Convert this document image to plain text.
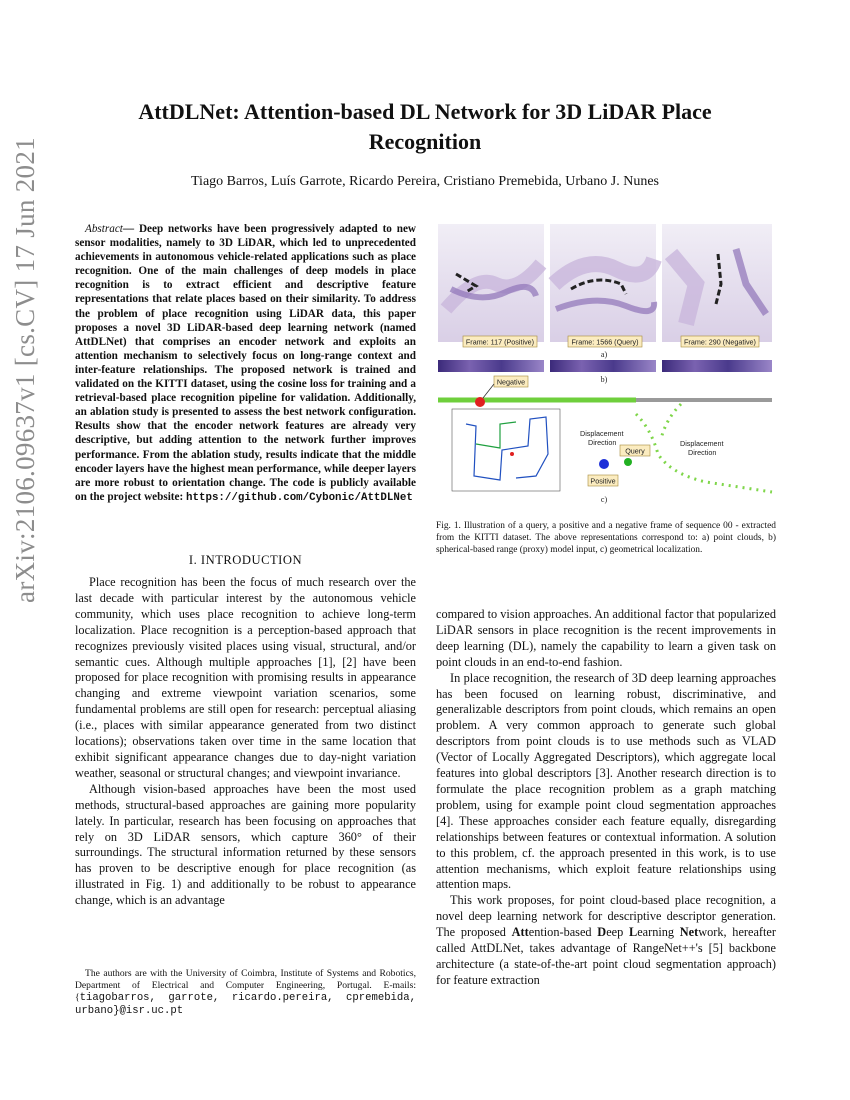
arXiv:2106.09637v1 [cs.CV] 17 Jun 2021
AttDLNet: Attention-based DL Network for 3D LiDAR Place Recognition
Tiago Barros, Luís Garrote, Ricardo Pereira, Cristiano Premebida, Urbano J. Nunes
Abstract— Deep networks have been progressively adapted to new sensor modalities, namely to 3D LiDAR, which led to unprecedented achievements in autonomous vehicle-related applications such as place recognition. One of the main challenges of deep models in place recognition is to extract efficient and descriptive feature representations that relate places based on their similarity. To address the problem of place recognition using LiDAR data, this paper proposes a novel 3D LiDAR-based deep learning network (named AttDLNet) that comprises an encoder network and exploits an attention mechanism to selectively focus on long-range context and inter-feature relationships. The proposed network is trained and validated on the KITTI dataset, using the cosine loss for training and a retrieval-based place recognition pipeline for validation. Additionally, an ablation study is presented to assess the best network configuration. Results show that the encoder network features are already very descriptive, but adding attention to the network further improves performance. From the ablation study, results indicate that the middle encoder layers have the highest mean performance, while deeper layers are more robust to orientation change. The code is publicly available on the project website: https://github.com/Cybonic/AttDLNet
I. INTRODUCTION

Place recognition has been the focus of much research over the last decade with particular interest by the autonomous vehicle community, which uses place recognition to achieve long-term localization. Place recognition is a perception-based approach that recognizes previously visited places using visual, structural, and/or semantic cues. Although multiple approaches [1], [2] have been proposed for place recognition with promising results in appearance changing and extreme viewpoint variation scenarios, some fundamental problems are still open for research: perceptual aliasing (i.e., places with similar appearance generated from two distinct locations); observations taken over time in the same location that exhibit significant appearance changes due to day-night variation weather, seasonal or structural changes; and viewpoint invariance.

Although vision-based approaches have been the most used methods, structural-based approaches are gaining more popularity lately. In particular, research has been focusing on approaches that rely on 3D LiDAR sensors, which capture 360° of their surroundings. The structural information returned by these sensors has proven to be descriptive enough for place recognition (as illustrated in Fig. 1) and additionally to be robust to appearance change, which is an advantage

The authors are with the University of Coimbra, Institute of Systems and Robotics, Department of Electrical and Computer Engineering, Portugal. E-mails:{tiagobarros, garrote, ricardo.pereira, cpremebida, urbano}@isr.uc.pt
Frame: 117 (Positive)	Frame: 1566 (Query)	Frame: 290 (Negative)
a)
b)
Negative
Displacement Direction	Displacement Direction
Query
Positive
c)
Fig. 1. Illustration of a query, a positive and a negative frame of sequence 00 - extracted from the KITTI dataset. The above representations correspond to: a) point clouds, b) spherical-based range (proxy) model input, c) geometrical localization.

compared to vision approaches. An additional factor that popularized LiDAR sensors in place recognition is the recent improvements in deep learning (DL), namely the capability to learn a given task on point clouds in an end-to-end fashion.

In place recognition, the research of 3D deep learning approaches has been focused on learning robust, discriminative, and generalizable descriptors from point clouds, which remains an open problem. A very common approach to generate such global descriptors from point clouds is to use methods such as VLAD (Vector of Locally Aggregated Descriptors), which aggregate local features into global descriptors [3]. Another research direction is to formulate the place recognition problem as a graph matching problem, using for example point cloud segmentation approaches [4]. These approaches consider each feature equally, disregarding relationships between features or contextual information. A solution to this problem, cf. the approach presented in this work, is to use attention mechanisms, which exploit feature relationships using attention maps.

This work proposes, for point cloud-based place recognition, a novel deep learning network for descriptive descriptor generation. The proposed Attention-based Deep Learning Network, hereafter called AttDLNet, takes advantage of RangeNet++'s [5] backbone architecture (a state-of-the-art point cloud segmentation approach) for feature extraction
